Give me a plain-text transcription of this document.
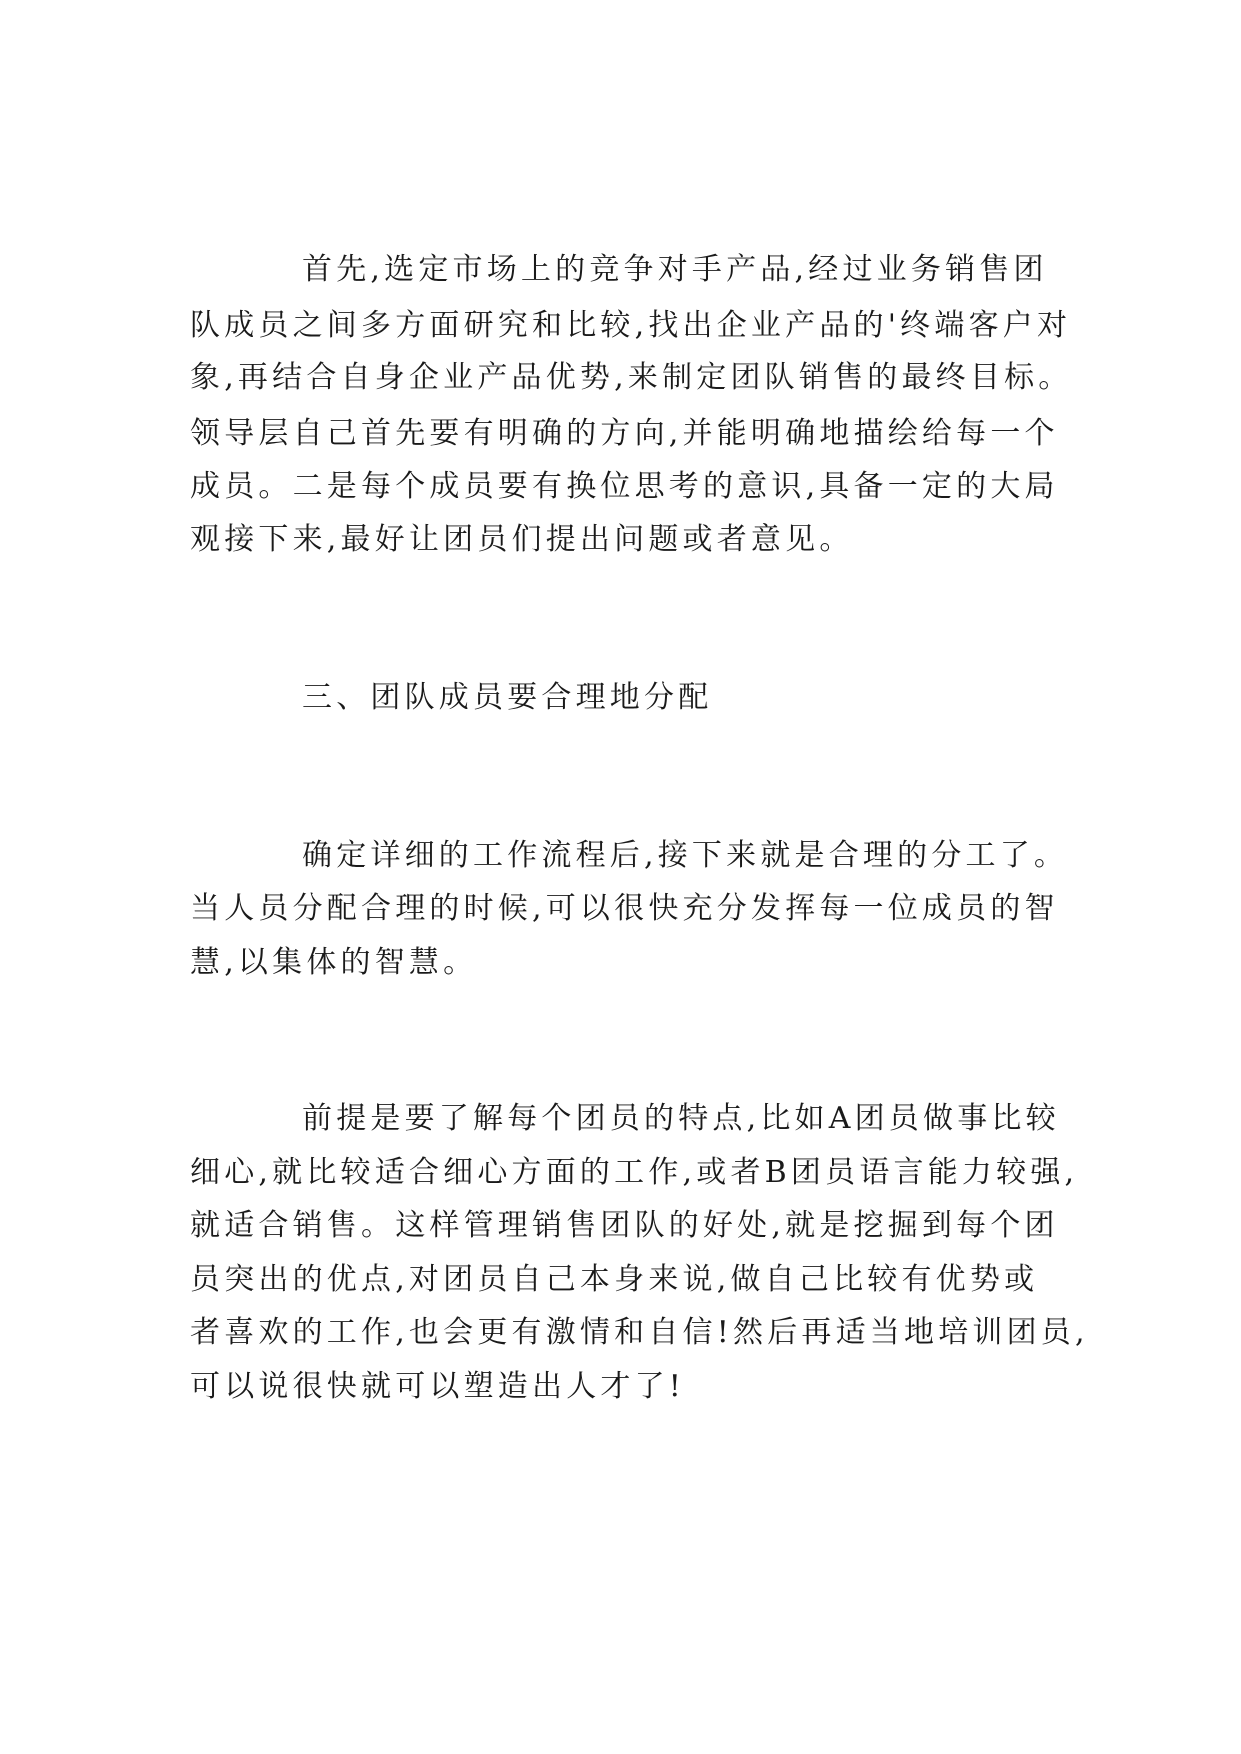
首先,选定市场上的竞争对手产品,经过业务销售团
队成员之间多方面研究和比较,找出企业产品的'终端客户对
象,再结合自身企业产品优势,来制定团队销售的最终目标。
领导层自己首先要有明确的方向,并能明确地描绘给每一个
成员。二是每个成员要有换位思考的意识,具备一定的大局
观接下来,最好让团员们提出问题或者意见。
三、团队成员要合理地分配
确定详细的工作流程后,接下来就是合理的分工了。
当人员分配合理的时候,可以很快充分发挥每一位成员的智
慧,以集体的智慧。
前提是要了解每个团员的特点,比如A团员做事比较
细心,就比较适合细心方面的工作,或者B团员语言能力较强,
就适合销售。这样管理销售团队的好处,就是挖掘到每个团
员突出的优点,对团员自己本身来说,做自己比较有优势或
者喜欢的工作,也会更有激情和自信!然后再适当地培训团员,
可以说很快就可以塑造出人才了!
